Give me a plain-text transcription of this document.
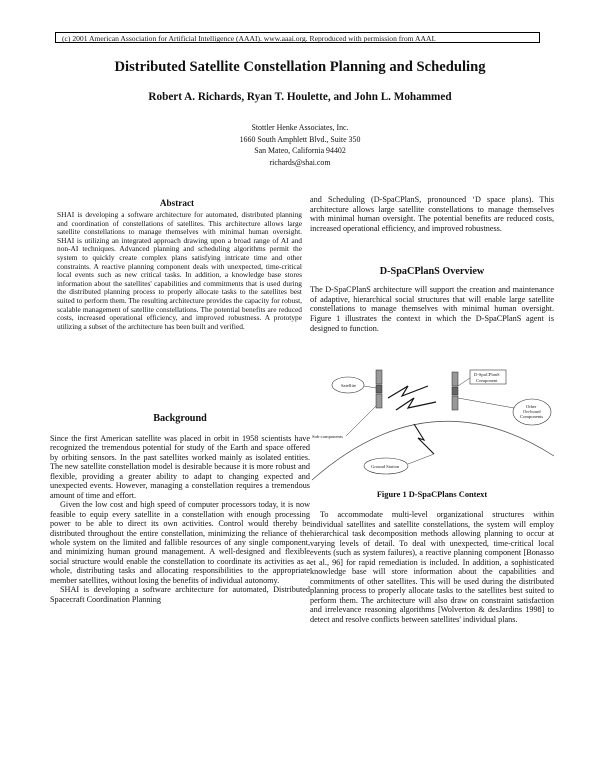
(c) 2001 American Association for Artificial Intelligence (AAAI). www.aaai.org. Reproduced with permission from AAAI.
Distributed Satellite Constellation Planning and Scheduling
Robert A. Richards, Ryan T. Houlette, and John L. Mohammed
Stottler Henke Associates, Inc.
1660 South Amphlett Blvd., Suite 350
San Mateo, California 94402
richards@shai.com
Abstract

SHAI is developing a software architecture for automated, distributed planning and coordination of constellations of satellites. This architecture allows large satellite constellations to manage themselves with minimal human oversight. SHAI is utilizing an integrated approach drawing upon a broad range of AI and non-AI techniques. Advanced planning and scheduling algorithms permit the system to quickly create complex plans satisfying intricate time and other constraints. A reactive planning component deals with unexpected, time-critical local events such as new critical tasks. In addition, a knowledge base stores information about the satellites' capabilities and commitments that is used during the distributed planning process to properly allocate tasks to the satellites best suited to perform them. The resulting architecture provides the capacity for robust, scalable management of satellite constellations. The potential benefits are reduced costs, increased operational efficiency, and improved robustness. A prototype utilizing a subset of the architecture has been built and verified.

Background

Since the first American satellite was placed in orbit in 1958 scientists have recognized the tremendous potential for study of the Earth and space offered by orbiting sensors. In the past satellites worked mainly as isolated entities. The new satellite constellation model is desirable because it is more robust and flexible, providing a greater ability to adapt to changing expected and unexpected events. However, managing a constellation requires a tremendous amount of time and effort.

Given the low cost and high speed of computer processors today, it is now feasible to equip every satellite in a constellation with enough processing power to be able to direct its own activities. Control would thereby be distributed throughout the entire constellation, minimizing the reliance of the whole system on the limited and fallible resources of any single component, and minimizing human ground management. A well-designed and flexible social structure would enable the constellation to coordinate its activities as a whole, distributing tasks and allocating responsibilities to the appropriate member satellites, without losing the benefits of individual autonomy.

SHAI is developing a software architecture for automated, Distributed Spacecraft Coordination Planning

and Scheduling (D-SpaCPlanS, pronounced ‘D space plans). This architecture allows large satellite constellations to manage themselves with minimal human oversight. The potential benefits are reduced costs, increased operational efficiency, and improved robustness.

D-SpaCPlanS Overview

The D-SpaCPlanS architecture will support the creation and maintenance of adaptive, hierarchical social structures that will enable large satellite constellations to manage themselves with minimal human oversight. Figure 1 illustrates the context in which the D-SpaCPlanS agent is designed to function.

Satellite
D-SpaCPlanS
Component
Other
On-board
Components
Sub-components
Ground Station
Figure 1 D-SpaCPlans Context

To accommodate multi-level organizational structures within individual satellites and satellite constellations, the system will employ hierarchical task decomposition methods allowing planning to occur at varying levels of detail. To deal with unexpected, time-critical local events (such as system failures), a reactive planning component [Bonasso et al., 96] for rapid remediation is included. In addition, a sophisticated knowledge base will store information about the capabilities and commitments of other satellites. This will be used during the distributed planning process to properly allocate tasks to the satellites best suited to perform them. The architecture will also draw on constraint satisfaction and irrelevance reasoning algorithms [Wolverton & desJardins 1998] to detect and resolve conflicts between satellites' individual plans.
